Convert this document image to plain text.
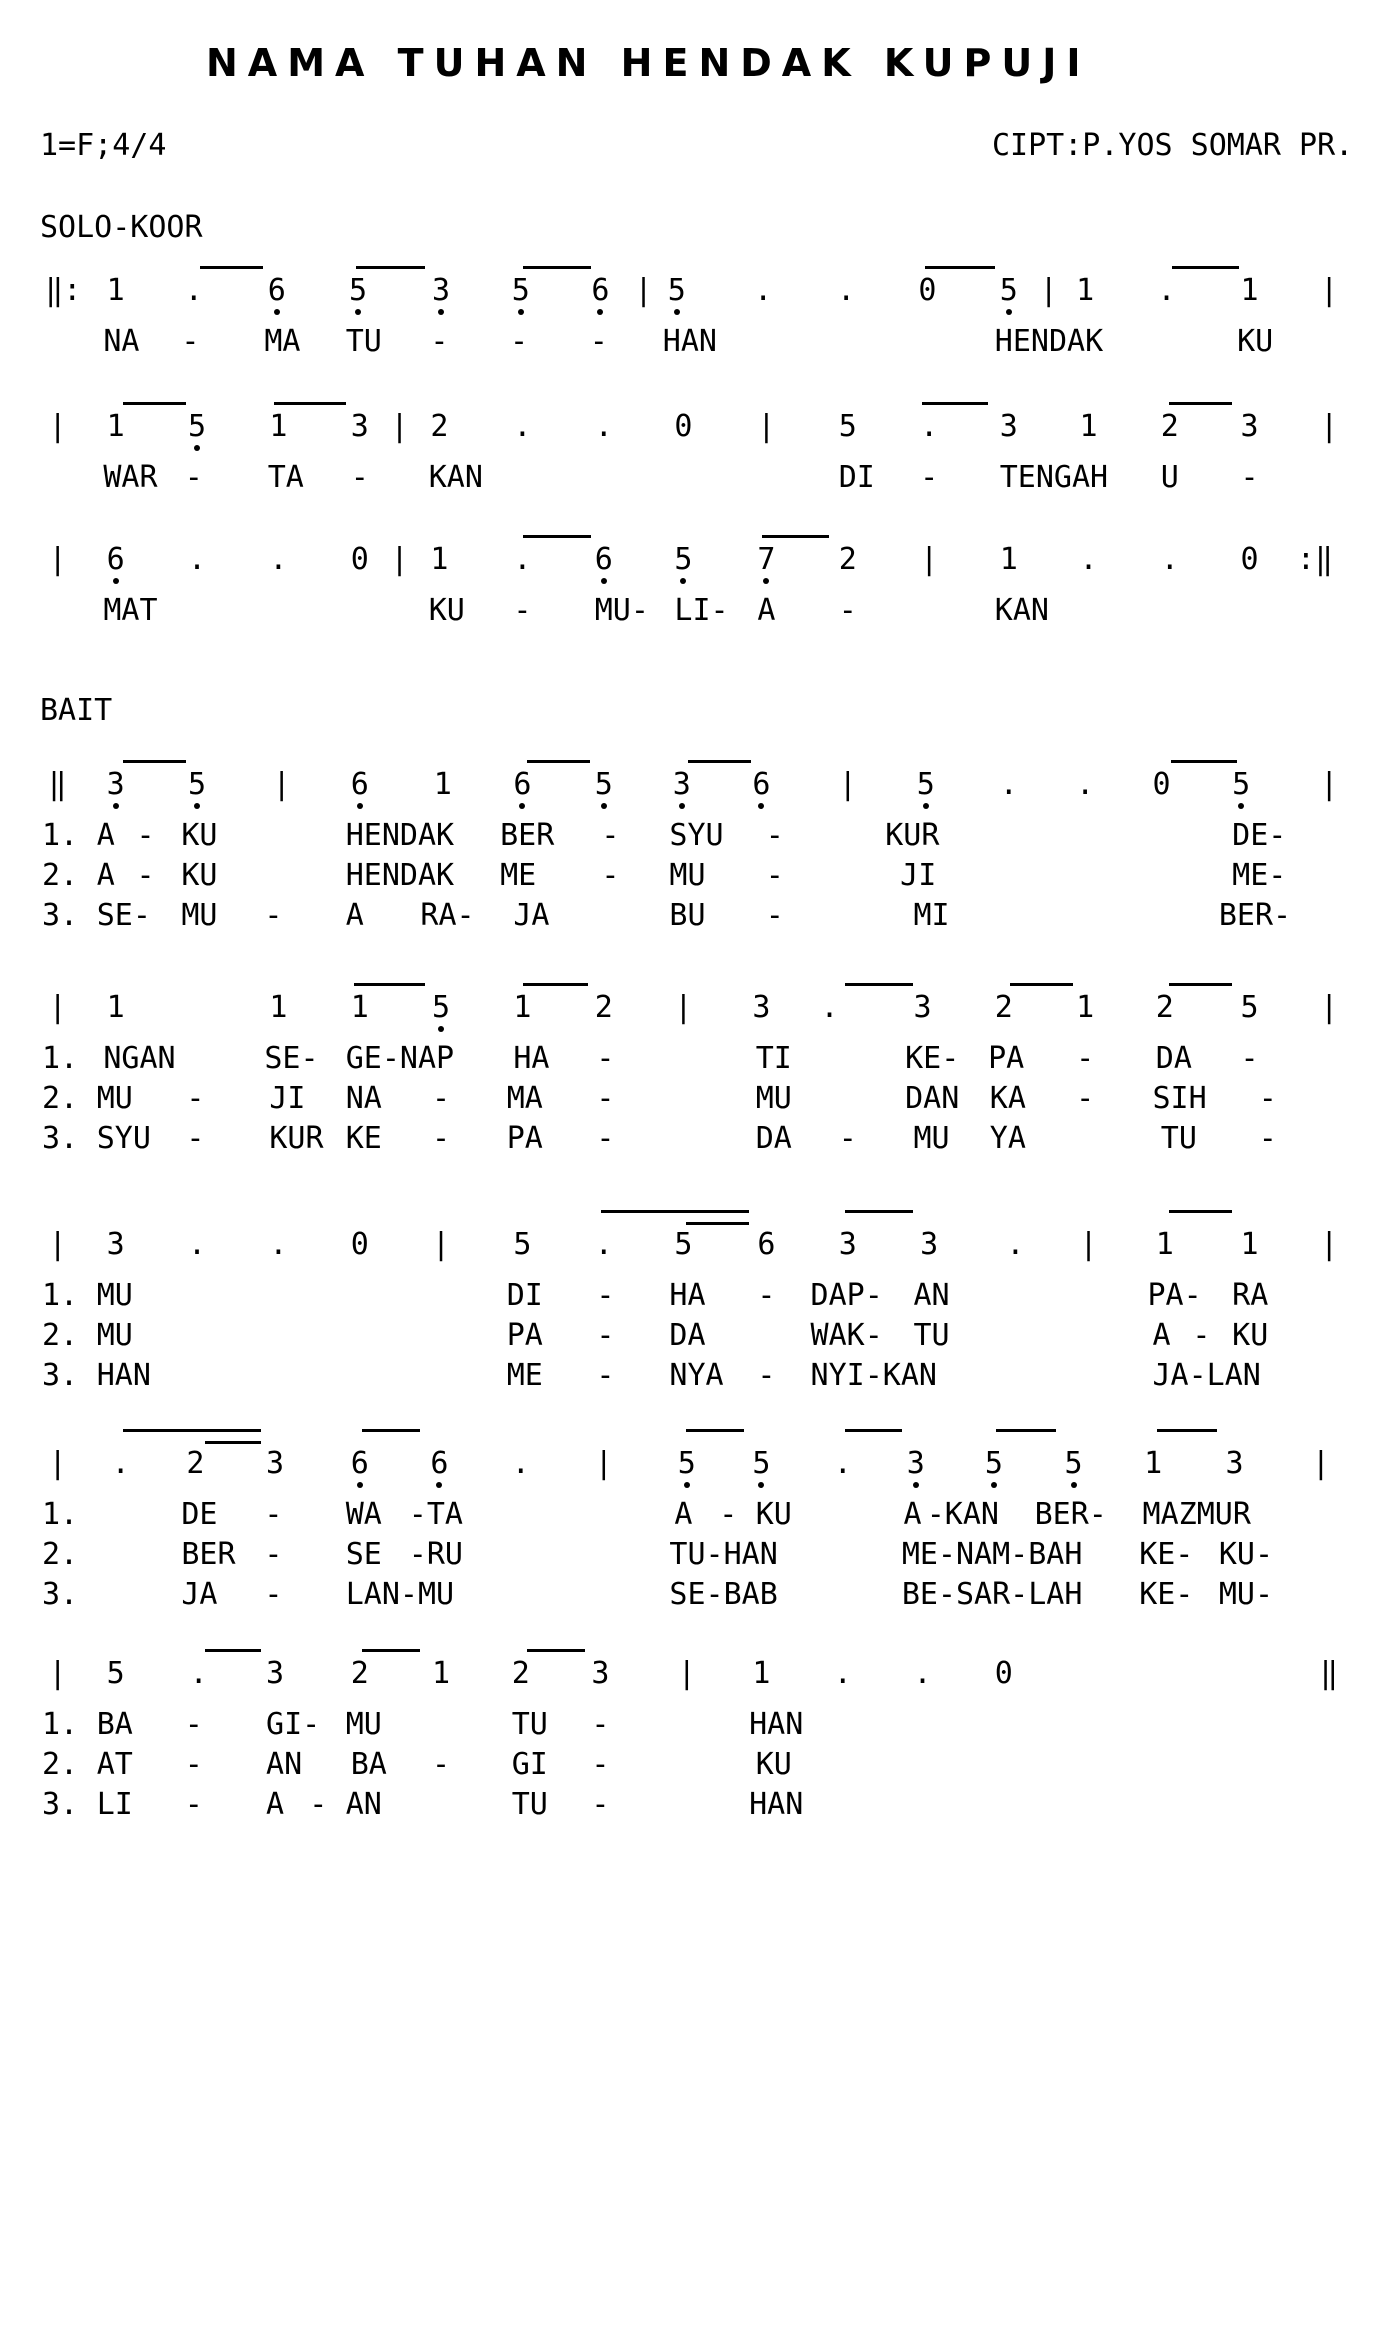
NAMA TUHAN HENDAK KUPUJI
1=F;4/4	CIPT:P.YOS SOMAR PR.
SOLO-KOOR
‖: 1 . 6 5 3 5 6 | 5 . . 0 5 | 1 . 1 |
NA - MA TU - - - HAN	HENDAK	KU
| 1 5 1 3 | 2 . . 0 | 5 . 3 1 2 3 |
WAR - TA - KAN	DI - TENGAH U -
| 6 . . 0 | 1 . 6 5 7 2 | 1 . . 0 :‖
MAT	KU - MU- LI- A -	KAN
BAIT
‖ 3 5 | 6 1 6 5 3 6 | 5 . . 0 5 |
1. A - KU	HENDAK BER - SYU -	KUR	DE-
2. A - KU	HENDAK ME - MU -	JI	ME-
3. SE- MU - A RA- JA	BU -	MI	BER-
| 1	1 1 5 1 2 | 3 . 3 2 1 2 5 |
1. NGAN	SE- GE-NAP HA -	TI	KE- PA - DA -
2. MU - JI NA - MA -	MU	DAN KA - SIH -
3. SYU - KUR KE - PA -	DA - MU YA	TU -
| 3 . . 0 | 5 . 5 6 3 3 . | 1 1 |
1. MU	DI - HA - DAP- AN	PA- RA
2. MU	PA - DA	WAK- TU	A - KU
3. HAN	ME - NYA - NYI-KAN	JA-LAN
| . 2 3 6 6 . | 5 5 . 3 5 5 1 3 |
1.	DE - WA -TA	A - KU	A -KAN BER- MAZMUR
2.	BER - SE -RU	TU-HAN	ME-NAM-BAH KE- KU-
3.	JA - LAN-MU	SE-BAB	BE-SAR-LAH KE- MU-
| 5 . 3 2 1 2 3 | 1 . . 0	‖
1. BA - GI- MU	TU -	HAN
2. AT - AN BA - GI -	KU
3. LI - A - AN	TU -	HAN
